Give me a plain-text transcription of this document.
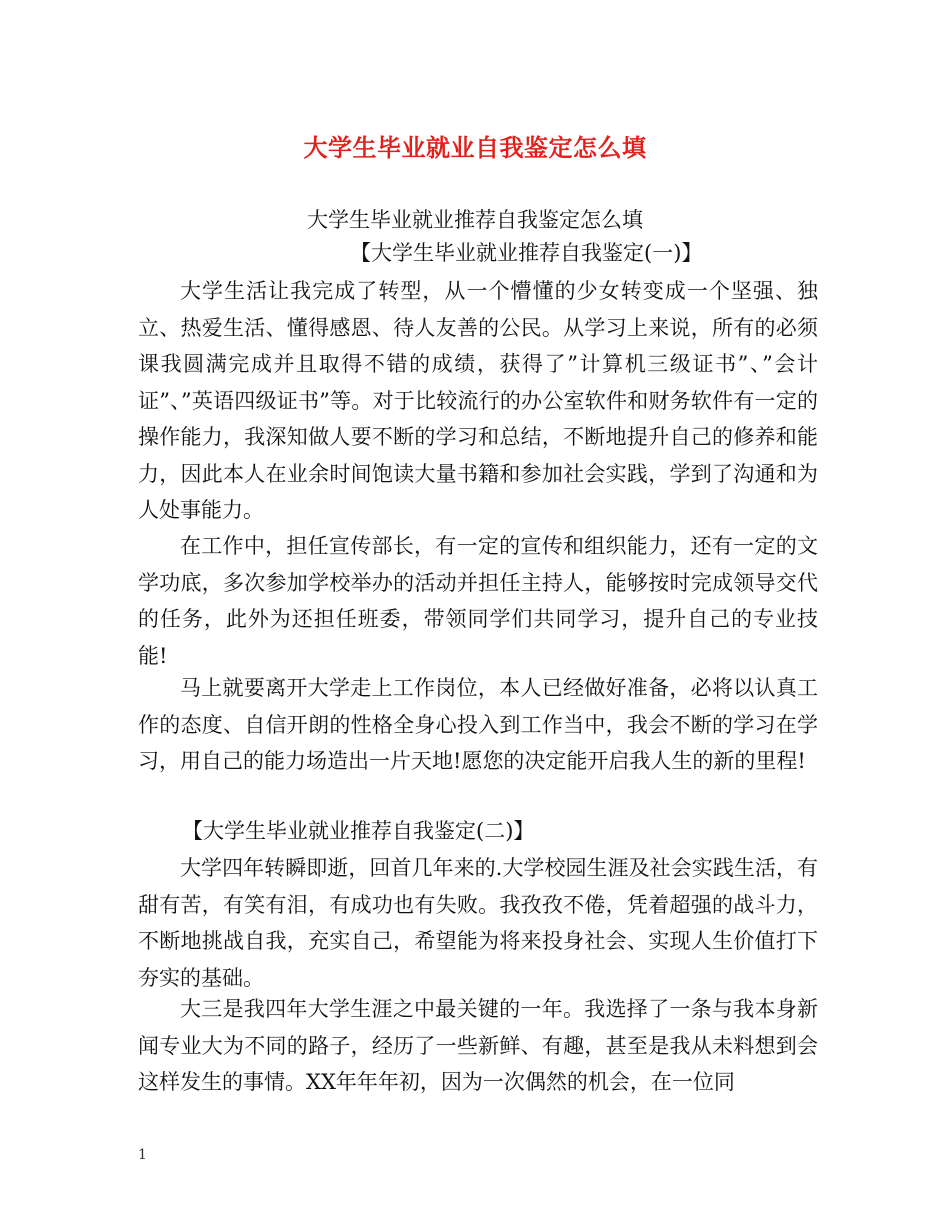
大学生毕业就业自我鉴定怎么填
大学生毕业就业推荐自我鉴定怎么填
【大学生毕业就业推荐自我鉴定(一)】
大学生活让我完成了转型，从一个懵懂的少女转变成一个坚强、独立、热爱生活、懂得感恩、待人友善的公民。从学习上来说，所有的必须课我圆满完成并且取得不错的成绩，获得了”计算机三级证书”、”会计证”、”英语四级证书”等。对于比较流行的办公室软件和财务软件有一定的操作能力，我深知做人要不断的学习和总结，不断地提升自己的修养和能力，因此本人在业余时间饱读大量书籍和参加社会实践，学到了沟通和为人处事能力。
在工作中，担任宣传部长，有一定的宣传和组织能力，还有一定的文学功底，多次参加学校举办的活动并担任主持人，能够按时完成领导交代的任务，此外为还担任班委，带领同学们共同学习，提升自己的专业技能!
马上就要离开大学走上工作岗位，本人已经做好准备，必将以认真工作的态度、自信开朗的性格全身心投入到工作当中，我会不断的学习在学习，用自己的能力场造出一片天地!愿您的决定能开启我人生的新的里程!
【大学生毕业就业推荐自我鉴定(二)】
大学四年转瞬即逝，回首几年来的.大学校园生涯及社会实践生活，有甜有苦，有笑有泪，有成功也有失败。我孜孜不倦，凭着超强的战斗力，不断地挑战自我，充实自己，希望能为将来投身社会、实现人生价值打下夯实的基础。
大三是我四年大学生涯之中最关键的一年。我选择了一条与我本身新闻专业大为不同的路子，经历了一些新鲜、有趣，甚至是我从未料想到会这样发生的事情。XX年年年初，因为一次偶然的机会，在一位同
1
